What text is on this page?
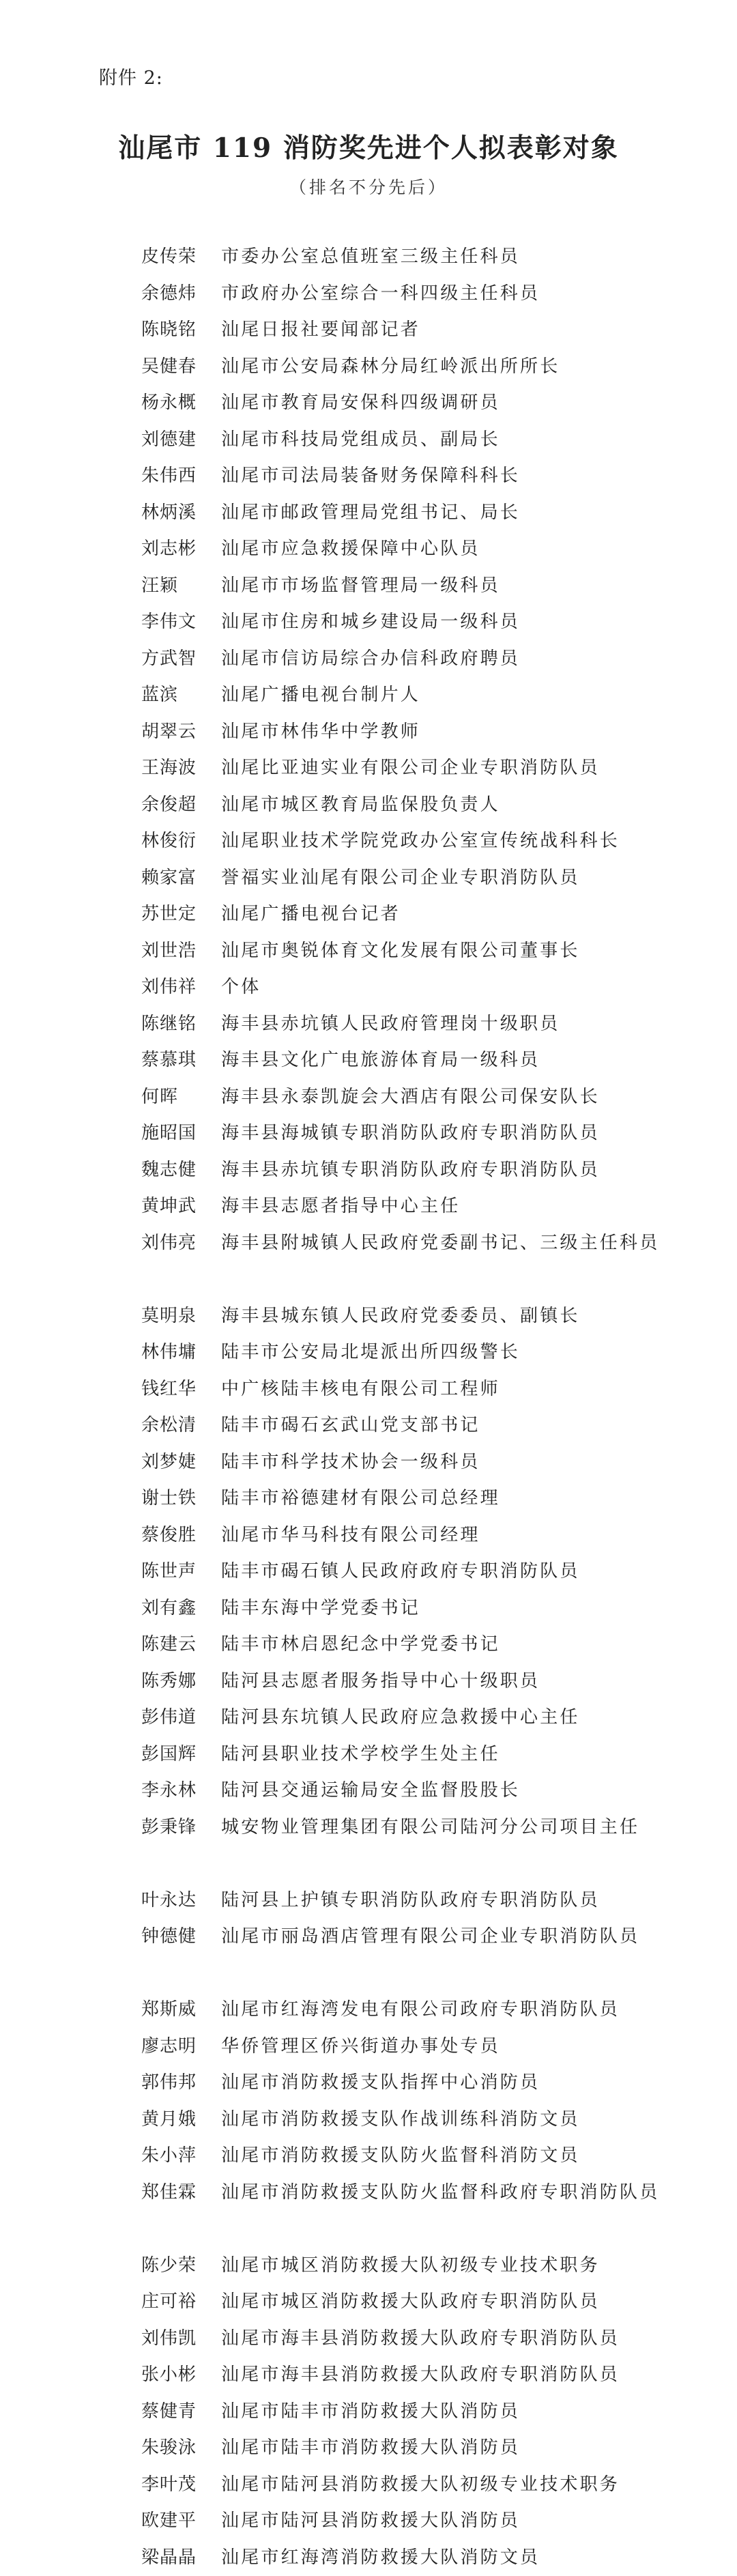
附件 2:
汕尾市 119 消防奖先进个人拟表彰对象
（排名不分先后）
皮传荣	市委办公室总值班室三级主任科员
余德炜	市政府办公室综合一科四级主任科员
陈晓铭	汕尾日报社要闻部记者
吴健春	汕尾市公安局森林分局红岭派出所所长
杨永概	汕尾市教育局安保科四级调研员
刘德建	汕尾市科技局党组成员、副局长
朱伟西	汕尾市司法局装备财务保障科科长
林炳溪	汕尾市邮政管理局党组书记、局长
刘志彬	汕尾市应急救援保障中心队员
汪颖	汕尾市市场监督管理局一级科员
李伟文	汕尾市住房和城乡建设局一级科员
方武智	汕尾市信访局综合办信科政府聘员
蓝滨	汕尾广播电视台制片人
胡翠云	汕尾市林伟华中学教师
王海波	汕尾比亚迪实业有限公司企业专职消防队员
余俊超	汕尾市城区教育局监保股负责人
林俊衍	汕尾职业技术学院党政办公室宣传统战科科长
赖家富	誉福实业汕尾有限公司企业专职消防队员
苏世定	汕尾广播电视台记者
刘世浩	汕尾市奥锐体育文化发展有限公司董事长
刘伟祥	个体
陈继铭	海丰县赤坑镇人民政府管理岗十级职员
蔡慕琪	海丰县文化广电旅游体育局一级科员
何晖	海丰县永泰凯旋会大酒店有限公司保安队长
施昭国	海丰县海城镇专职消防队政府专职消防队员
魏志健	海丰县赤坑镇专职消防队政府专职消防队员
黄坤武	海丰县志愿者指导中心主任
刘伟亮	海丰县附城镇人民政府党委副书记、三级主任科员
莫明泉	海丰县城东镇人民政府党委委员、副镇长
林伟墉	陆丰市公安局北堤派出所四级警长
钱红华	中广核陆丰核电有限公司工程师
余松清	陆丰市碣石玄武山党支部书记
刘梦婕	陆丰市科学技术协会一级科员
谢士铁	陆丰市裕德建材有限公司总经理
蔡俊胜	汕尾市华马科技有限公司经理
陈世声	陆丰市碣石镇人民政府政府专职消防队员
刘有鑫	陆丰东海中学党委书记
陈建云	陆丰市林启恩纪念中学党委书记
陈秀娜	陆河县志愿者服务指导中心十级职员
彭伟道	陆河县东坑镇人民政府应急救援中心主任
彭国辉	陆河县职业技术学校学生处主任
李永林	陆河县交通运输局安全监督股股长
彭秉锋	城安物业管理集团有限公司陆河分公司项目主任
叶永达	陆河县上护镇专职消防队政府专职消防队员
钟德健	汕尾市丽岛酒店管理有限公司企业专职消防队员
郑斯威	汕尾市红海湾发电有限公司政府专职消防队员
廖志明	华侨管理区侨兴街道办事处专员
郭伟邦	汕尾市消防救援支队指挥中心消防员
黄月娥	汕尾市消防救援支队作战训练科消防文员
朱小萍	汕尾市消防救援支队防火监督科消防文员
郑佳霖	汕尾市消防救援支队防火监督科政府专职消防队员
陈少荣	汕尾市城区消防救援大队初级专业技术职务
庄可裕	汕尾市城区消防救援大队政府专职消防队员
刘伟凯	汕尾市海丰县消防救援大队政府专职消防队员
张小彬	汕尾市海丰县消防救援大队政府专职消防队员
蔡健青	汕尾市陆丰市消防救援大队消防员
朱骏泳	汕尾市陆丰市消防救援大队消防员
李叶茂	汕尾市陆河县消防救援大队初级专业技术职务
欧建平	汕尾市陆河县消防救援大队消防员
梁晶晶	汕尾市红海湾消防救援大队消防文员
